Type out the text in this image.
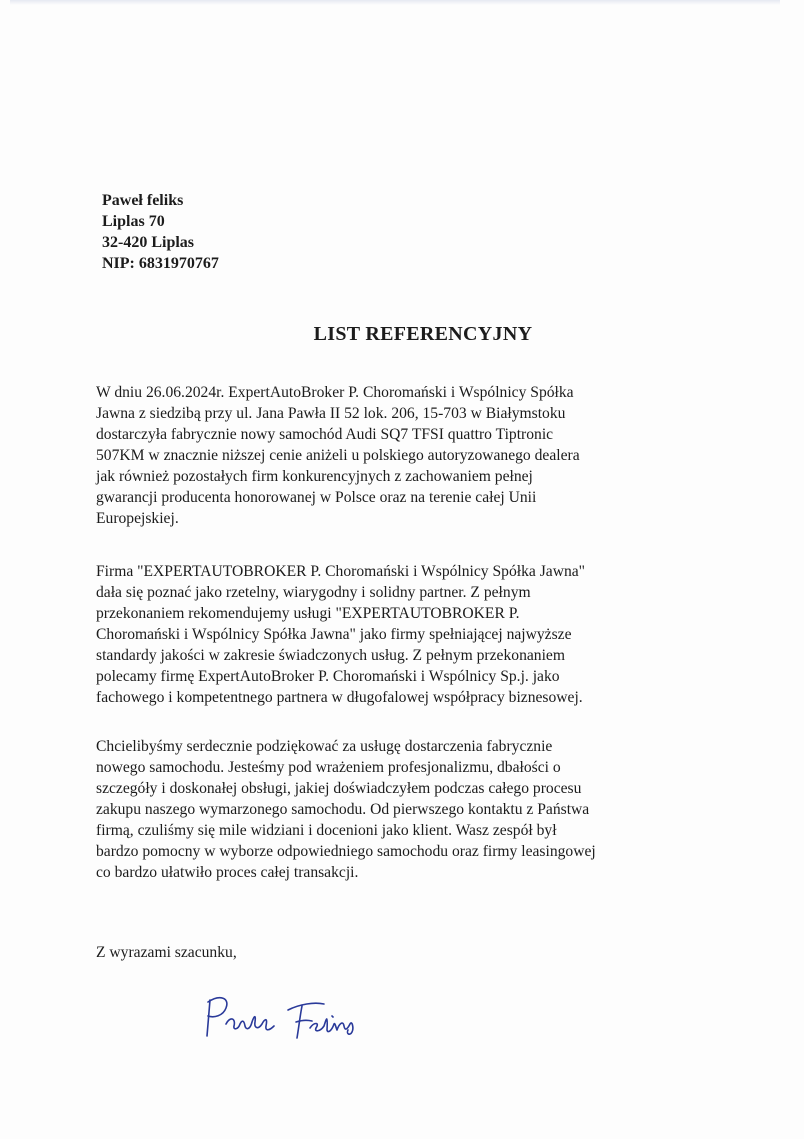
Paweł feliks
Liplas 70
32-420 Liplas
NIP: 6831970767
LIST REFERENCYJNY
W dniu 26.06.2024r. ExpertAutoBroker P. Choromański i Wspólnicy Spółka
Jawna z siedzibą przy ul. Jana Pawła II 52 lok. 206, 15-703 w Białymstoku
dostarczyła fabrycznie nowy samochód Audi SQ7 TFSI quattro Tiptronic
507KM w znacznie niższej cenie aniżeli u polskiego autoryzowanego dealera
jak również pozostałych firm konkurencyjnych z zachowaniem pełnej
gwarancji producenta honorowanej w Polsce oraz na terenie całej Unii
Europejskiej.
Firma "EXPERTAUTOBROKER P. Choromański i Wspólnicy Spółka Jawna"
dała się poznać jako rzetelny, wiarygodny i solidny partner. Z pełnym
przekonaniem rekomendujemy usługi "EXPERTAUTOBROKER P.
Choromański i Wspólnicy Spółka Jawna" jako firmy spełniającej najwyższe
standardy jakości w zakresie świadczonych usług. Z pełnym przekonaniem
polecamy firmę ExpertAutoBroker P. Choromański i Wspólnicy Sp.j. jako
fachowego i kompetentnego partnera w długofalowej współpracy biznesowej.
Chcielibyśmy serdecznie podziękować za usługę dostarczenia fabrycznie
nowego samochodu. Jesteśmy pod wrażeniem profesjonalizmu, dbałości o
szczegóły i doskonałej obsługi, jakiej doświadczyłem podczas całego procesu
zakupu naszego wymarzonego samochodu. Od pierwszego kontaktu z Państwa
firmą, czuliśmy się mile widziani i docenioni jako klient. Wasz zespół był
bardzo pomocny w wyborze odpowiedniego samochodu oraz firmy leasingowej
co bardzo ułatwiło proces całej transakcji.
Z wyrazami szacunku,
